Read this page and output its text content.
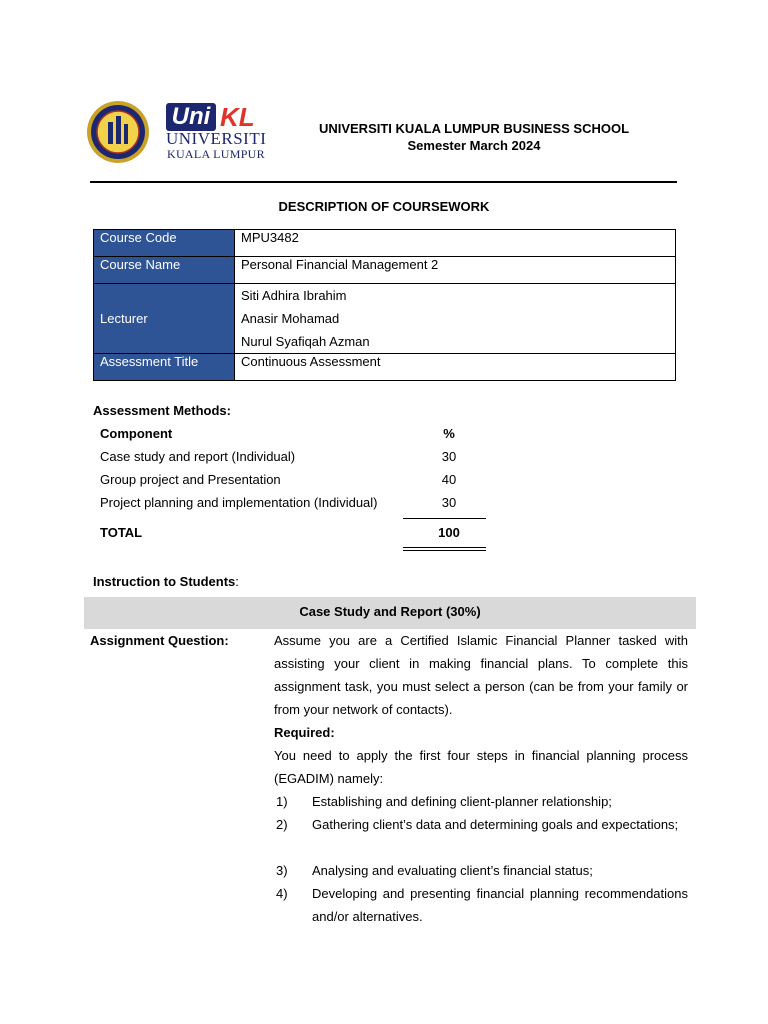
Uni KL
UNIVERSITI
KUALA LUMPUR
UNIVERSITI KUALA LUMPUR BUSINESS SCHOOL
Semester March 2024
DESCRIPTION OF COURSEWORK
Course Code	MPU3482
Course Name	Personal Financial Management 2
Lecturer	Siti Adhira Ibrahim
Anasir Mohamad
Nurul Syafiqah Azman

Assessment Title	Continuous Assessment
Assessment Methods:
Component	%
Case study and report (Individual)	30
Group project and Presentation	40
Project planning and implementation (Individual)	30
TOTAL	100
Instruction to Students:
Case Study and Report (30%)
Assignment Question:	Assume you are a Certified Islamic Financial Planner tasked with assisting your client in making financial plans. To complete this assignment task, you must select a person (can be from your family or from your network of contacts).
Required:
You need to apply the first four steps in financial planning process (EGADIM) namely:
1)	Establishing and defining client-planner relationship;
2)	Gathering client’s data and determining goals and expectations;
3)	Analysing and evaluating client’s financial status;
4)	Developing and presenting financial planning recommendations and/or alternatives.
